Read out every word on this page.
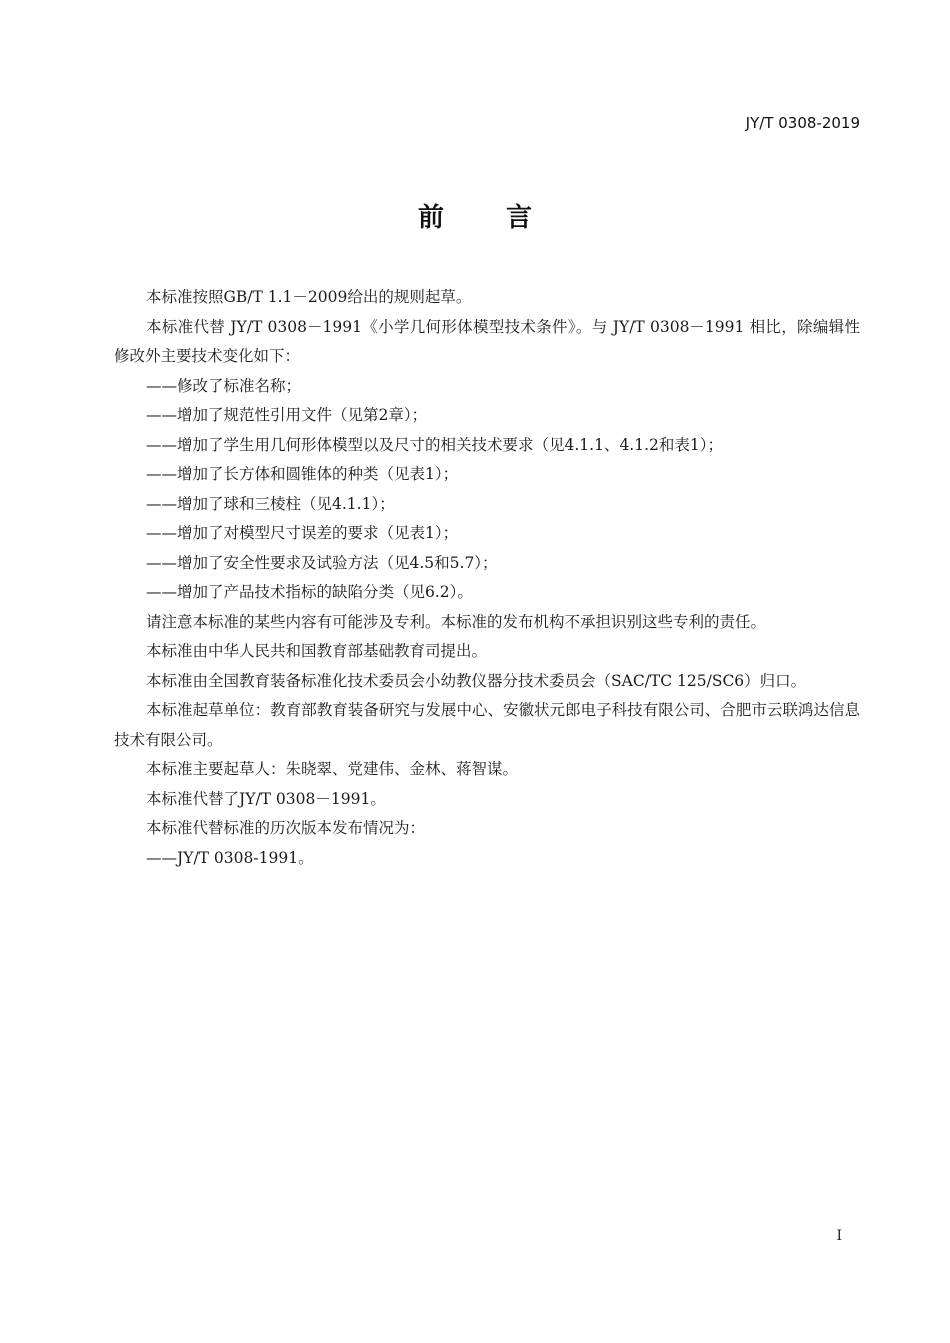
JY/T 0308-2019
前言

本标准按照GB/T 1.1－2009给出的规则起草。

本标准代替 JY/T 0308－1991《小学几何形体模型技术条件》。与 JY/T 0308－1991 相比，除编辑性修改外主要技术变化如下：

——修改了标准名称；

——增加了规范性引用文件（见第2章）；

——增加了学生用几何形体模型以及尺寸的相关技术要求（见4.1.1、4.1.2和表1）；

——增加了长方体和圆锥体的种类（见表1）；

——增加了球和三棱柱（见4.1.1）；

——增加了对模型尺寸误差的要求（见表1）；

——增加了安全性要求及试验方法（见4.5和5.7）；

——增加了产品技术指标的缺陷分类（见6.2）。

请注意本标准的某些内容有可能涉及专利。本标准的发布机构不承担识别这些专利的责任。

本标准由中华人民共和国教育部基础教育司提出。

本标准由全国教育装备标准化技术委员会小幼教仪器分技术委员会（SAC/TC 125/SC6）归口。

本标准起草单位：教育部教育装备研究与发展中心、安徽状元郎电子科技有限公司、合肥市云联鸿达信息技术有限公司。

本标准主要起草人：朱晓翠、党建伟、金林、蒋智谋。

本标准代替了JY/T 0308－1991。

本标准代替标准的历次版本发布情况为：

——JY/T 0308-1991。

I
